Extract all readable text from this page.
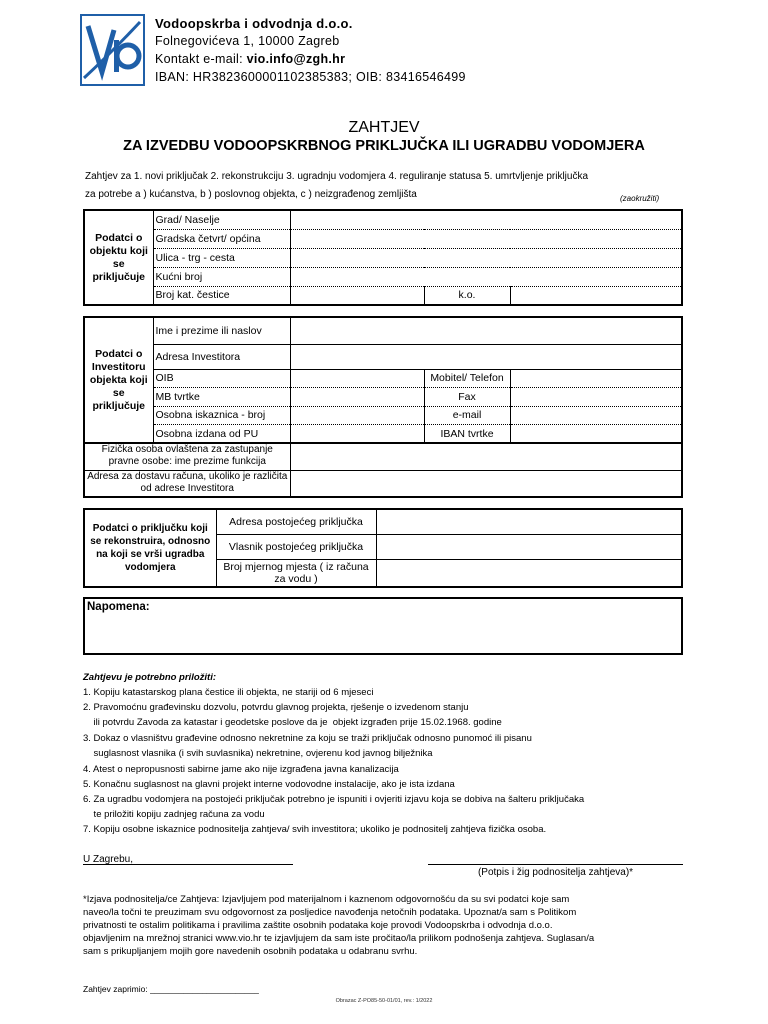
Vodoopskrba i odvodnja d.o.o.
Folnegovićeva 1, 10000 Zagreb
Kontakt e-mail: vio.info@zgh.hr
IBAN: HR3823600001102385383; OIB: 83416546499
ZAHTJEV
ZA IZVEDBU VODOOPSKRBNOG PRIKLJUČKA ILI UGRADBU VODOMJERA
Zahtjev za 1. novi priključak 2. rekonstrukciju 3. ugradnju vodomjera 4. reguliranje statusa 5. umrtvljenje priključka
za potrebe a ) kućanstva, b ) poslovnog objekta, c ) neizgrađenog zemljišta	(zaokružiti)
Podatci o objektu koji se priključuje	Grad/ Naselje			
	Gradska četvrt/ općina			
	Ulica - trg - cesta			
	Kućni broj			
	Broj kat. čestice		k.o.	
Podatci o Investitoru objekta koji se priključuje	Ime i prezime ili naslov			
	Adresa Investitora			
	OIB		Mobitel/ Telefon	
	MB tvrtke		Fax	
	Osobna iskaznica - broj		e-mail	
	Osobna izdana od PU		IBAN tvrtke	
Fizička osoba ovlaštena za zastupanje pravne osobe: ime prezime funkcija	
Adresa za dostavu računa, ukoliko je različita od adrese Investitora	
Podatci o priključku koji se rekonstruira, odnosno na koji se vrši ugradba vodomjera	Adresa postojećeg priključka	
	Vlasnik postojećeg priključka	
	Broj mjernog mjesta ( iz računa za vodu )	
Napomena:
Zahtjevu je potrebno priložiti:
1. Kopiju katastarskog plana čestice ili objekta, ne stariji od 6 mjeseci
2. Pravomoćnu građevinsku dozvolu, potvrdu glavnog projekta, rješenje o izvedenom stanju
ili potvrdu Zavoda za katastar i geodetske poslove da je  objekt izgrađen prije 15.02.1968. godine
3. Dokaz o vlasništvu građevine odnosno nekretnine za koju se traži priključak odnosno punomoć ili pisanu
suglasnost vlasnika (i svih suvlasnika) nekretnine, ovjerenu kod javnog bilježnika
4. Atest o nepropusnosti sabirne jame ako nije izgrađena javna kanalizacija
5. Konačnu suglasnost na glavni projekt interne vodovodne instalacije, ako je ista izdana
6. Za ugradbu vodomjera na postojeći priključak potrebno je ispuniti i ovjeriti izjavu koja se dobiva na šalteru priključaka
te priložiti kopiju zadnjeg računa za vodu
7. Kopiju osobne iskaznice podnositelja zahtjeva/ svih investitora; ukoliko je podnositelj zahtjeva fizička osoba.
U Zagrebu,
(Potpis i žig podnositelja zahtjeva)*
*Izjava podnositelja/ce Zahtjeva: Izjavljujem pod materijalnom i kaznenom odgovornošću da su svi podatci koje sam
naveo/la točni te preuzimam svu odgovornost za posljedice navođenja netočnih podataka. Upoznat/a sam s Politikom
privatnosti te ostalim politikama i pravilima zaštite osobnih podataka koje provodi Vodoopskrba i odvodnja d.o.o.
objavljenim na mrežnoj stranici www.vio.hr te izjavljujem da sam iste pročitao/la prilikom podnošenja zahtjeva. Suglasan/a
sam s prikupljanjem mojih gore navedenih osobnih podataka u odabranu svrhu.
Zahtjev zaprimio: _______________________
Obrazac Z-PO85-50-01/01, rev.: 1/2022
